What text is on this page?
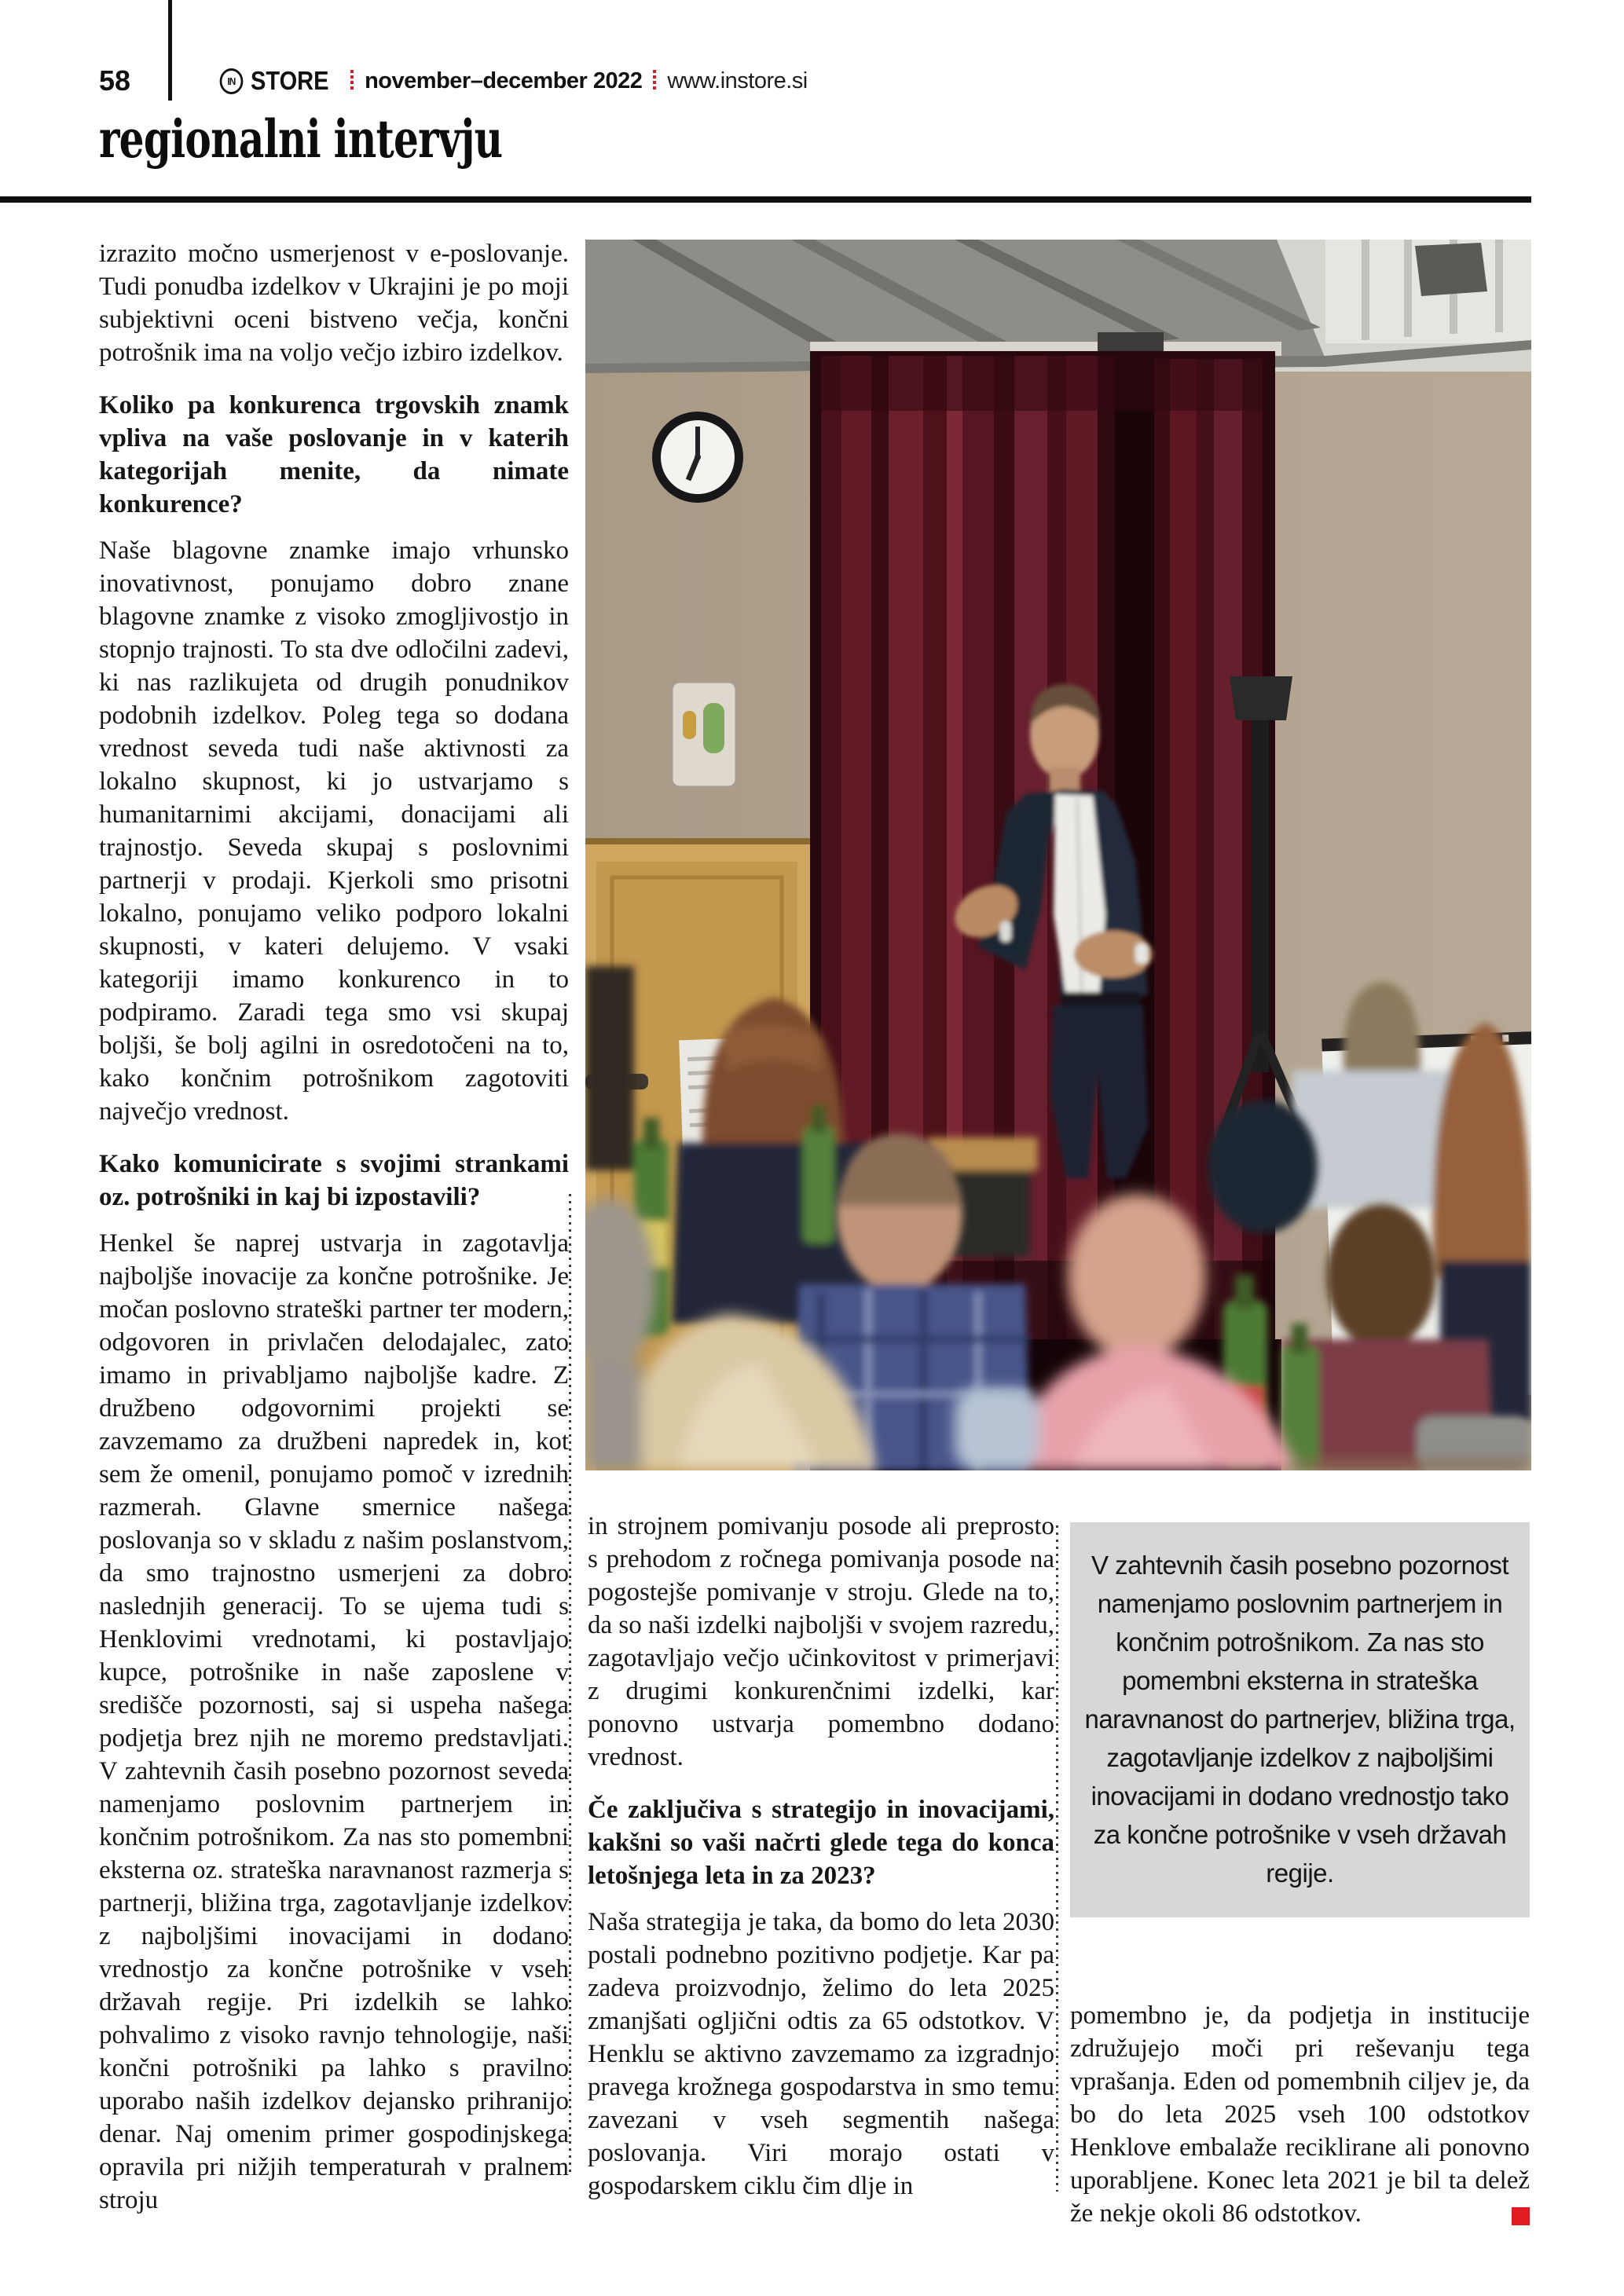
58	IN STORE november–december 2022 www.instore.si
regionalni intervju

izrazito močno usmerjenost v e-poslovanje. Tudi ponudba izdelkov v Ukrajini je po moji subjektivni oceni bistveno večja, končni potrošnik ima na voljo večjo izbiro izdelkov.

Koliko pa konkurenca trgovskih znamk vpliva na vaše poslovanje in v katerih kategorijah menite, da nimate konkurence?

Naše blagovne znamke imajo vrhunsko inovativnost, ponujamo dobro znane blagovne znamke z visoko zmogljivostjo in stopnjo trajnosti. To sta dve odločilni zadevi, ki nas razlikujeta od drugih ponudnikov podobnih izdelkov. Poleg tega so dodana vrednost seveda tudi naše aktivnosti za lokalno skupnost, ki jo ustvarjamo s humanitarnimi akcijami, donacijami ali trajnostjo. Seveda skupaj s poslovnimi partnerji v prodaji. Kjerkoli smo prisotni lokalno, ponujamo veliko podporo lokalni skupnosti, v kateri delujemo. V vsaki kategoriji imamo konkurenco in to podpiramo. Zaradi tega smo vsi skupaj boljši, še bolj agilni in osredotočeni na to, kako končnim potrošnikom zagotoviti največjo vrednost.

Kako komunicirate s svojimi strankami oz. potrošniki in kaj bi izpostavili?

Henkel še naprej ustvarja in zagotavlja najboljše inovacije za končne potrošnike. Je močan poslovno strateški partner ter modern, odgovoren in privlačen delodajalec, zato imamo in privabljamo najboljše kadre. Z družbeno odgovornimi projekti se zavzemamo za družbeni napredek in, kot sem že omenil, ponujamo pomoč v izrednih razmerah. Glavne smernice našega poslovanja so v skladu z našim poslanstvom, da smo trajnostno usmerjeni za dobro naslednjih generacij. To se ujema tudi s Henklovimi vrednotami, ki postavljajo kupce, potrošnike in naše zaposlene v središče pozornosti, saj si uspeha našega podjetja brez njih ne moremo predstavljati. V zahtevnih časih posebno pozornost seveda namenjamo poslovnim partnerjem in končnim potrošnikom. Za nas sto pomembni eksterna oz. strateška naravnanost razmerja s partnerji, bližina trga, zagotavljanje izdelkov z najboljšimi inovacijami in dodano vrednostjo za končne potrošnike v vseh državah regije. Pri izdelkih se lahko pohvalimo z visoko ravnjo tehnologije, naši končni potrošniki pa lahko s pravilno uporabo naših izdelkov dejansko prihranijo denar. Naj omenim primer gospodinjskega opravila pri nižjih temperaturah v pralnem stroju

in strojnem pomivanju posode ali preprosto s prehodom z ročnega pomivanja posode na pogostejše pomivanje v stroju. Glede na to, da so naši izdelki najboljši v svojem razredu, zagotavljajo večjo učinkovitost v primerjavi z drugimi konkurenčnimi izdelki, kar ponovno ustvarja pomembno dodano vrednost.

Če zaključiva s strategijo in inovacijami, kakšni so vaši načrti glede tega do konca letošnjega leta in za 2023?

Naša strategija je taka, da bomo do leta 2030 postali podnebno pozitivno podjetje. Kar pa zadeva proizvodnjo, želimo do leta 2025 zmanjšati ogljični odtis za 65 odstotkov. V Henklu se aktivno zavzemamo za izgradnjo pravega krožnega gospodarstva in smo temu zavezani v vseh segmentih našega poslovanja. Viri morajo ostati v gospodarskem ciklu čim dlje in

V zahtevnih časih posebno pozornost namenjamo poslovnim partnerjem in končnim potrošnikom. Za nas sto pomembni eksterna in strateška naravnanost do partnerjev, bližina trga, zagotavljanje izdelkov z najboljšimi inovacijami in dodano vrednostjo tako za končne potrošnike v vseh državah regije.

pomembno je, da podjetja in institucije združujejo moči pri reševanju tega vprašanja. Eden od pomembnih ciljev je, da bo do leta 2025 vseh 100 odstotkov Henklove embalaže reciklirane ali ponovno uporabljene. Konec leta 2021 je bil ta delež že nekje okoli 86 odstotkov.
